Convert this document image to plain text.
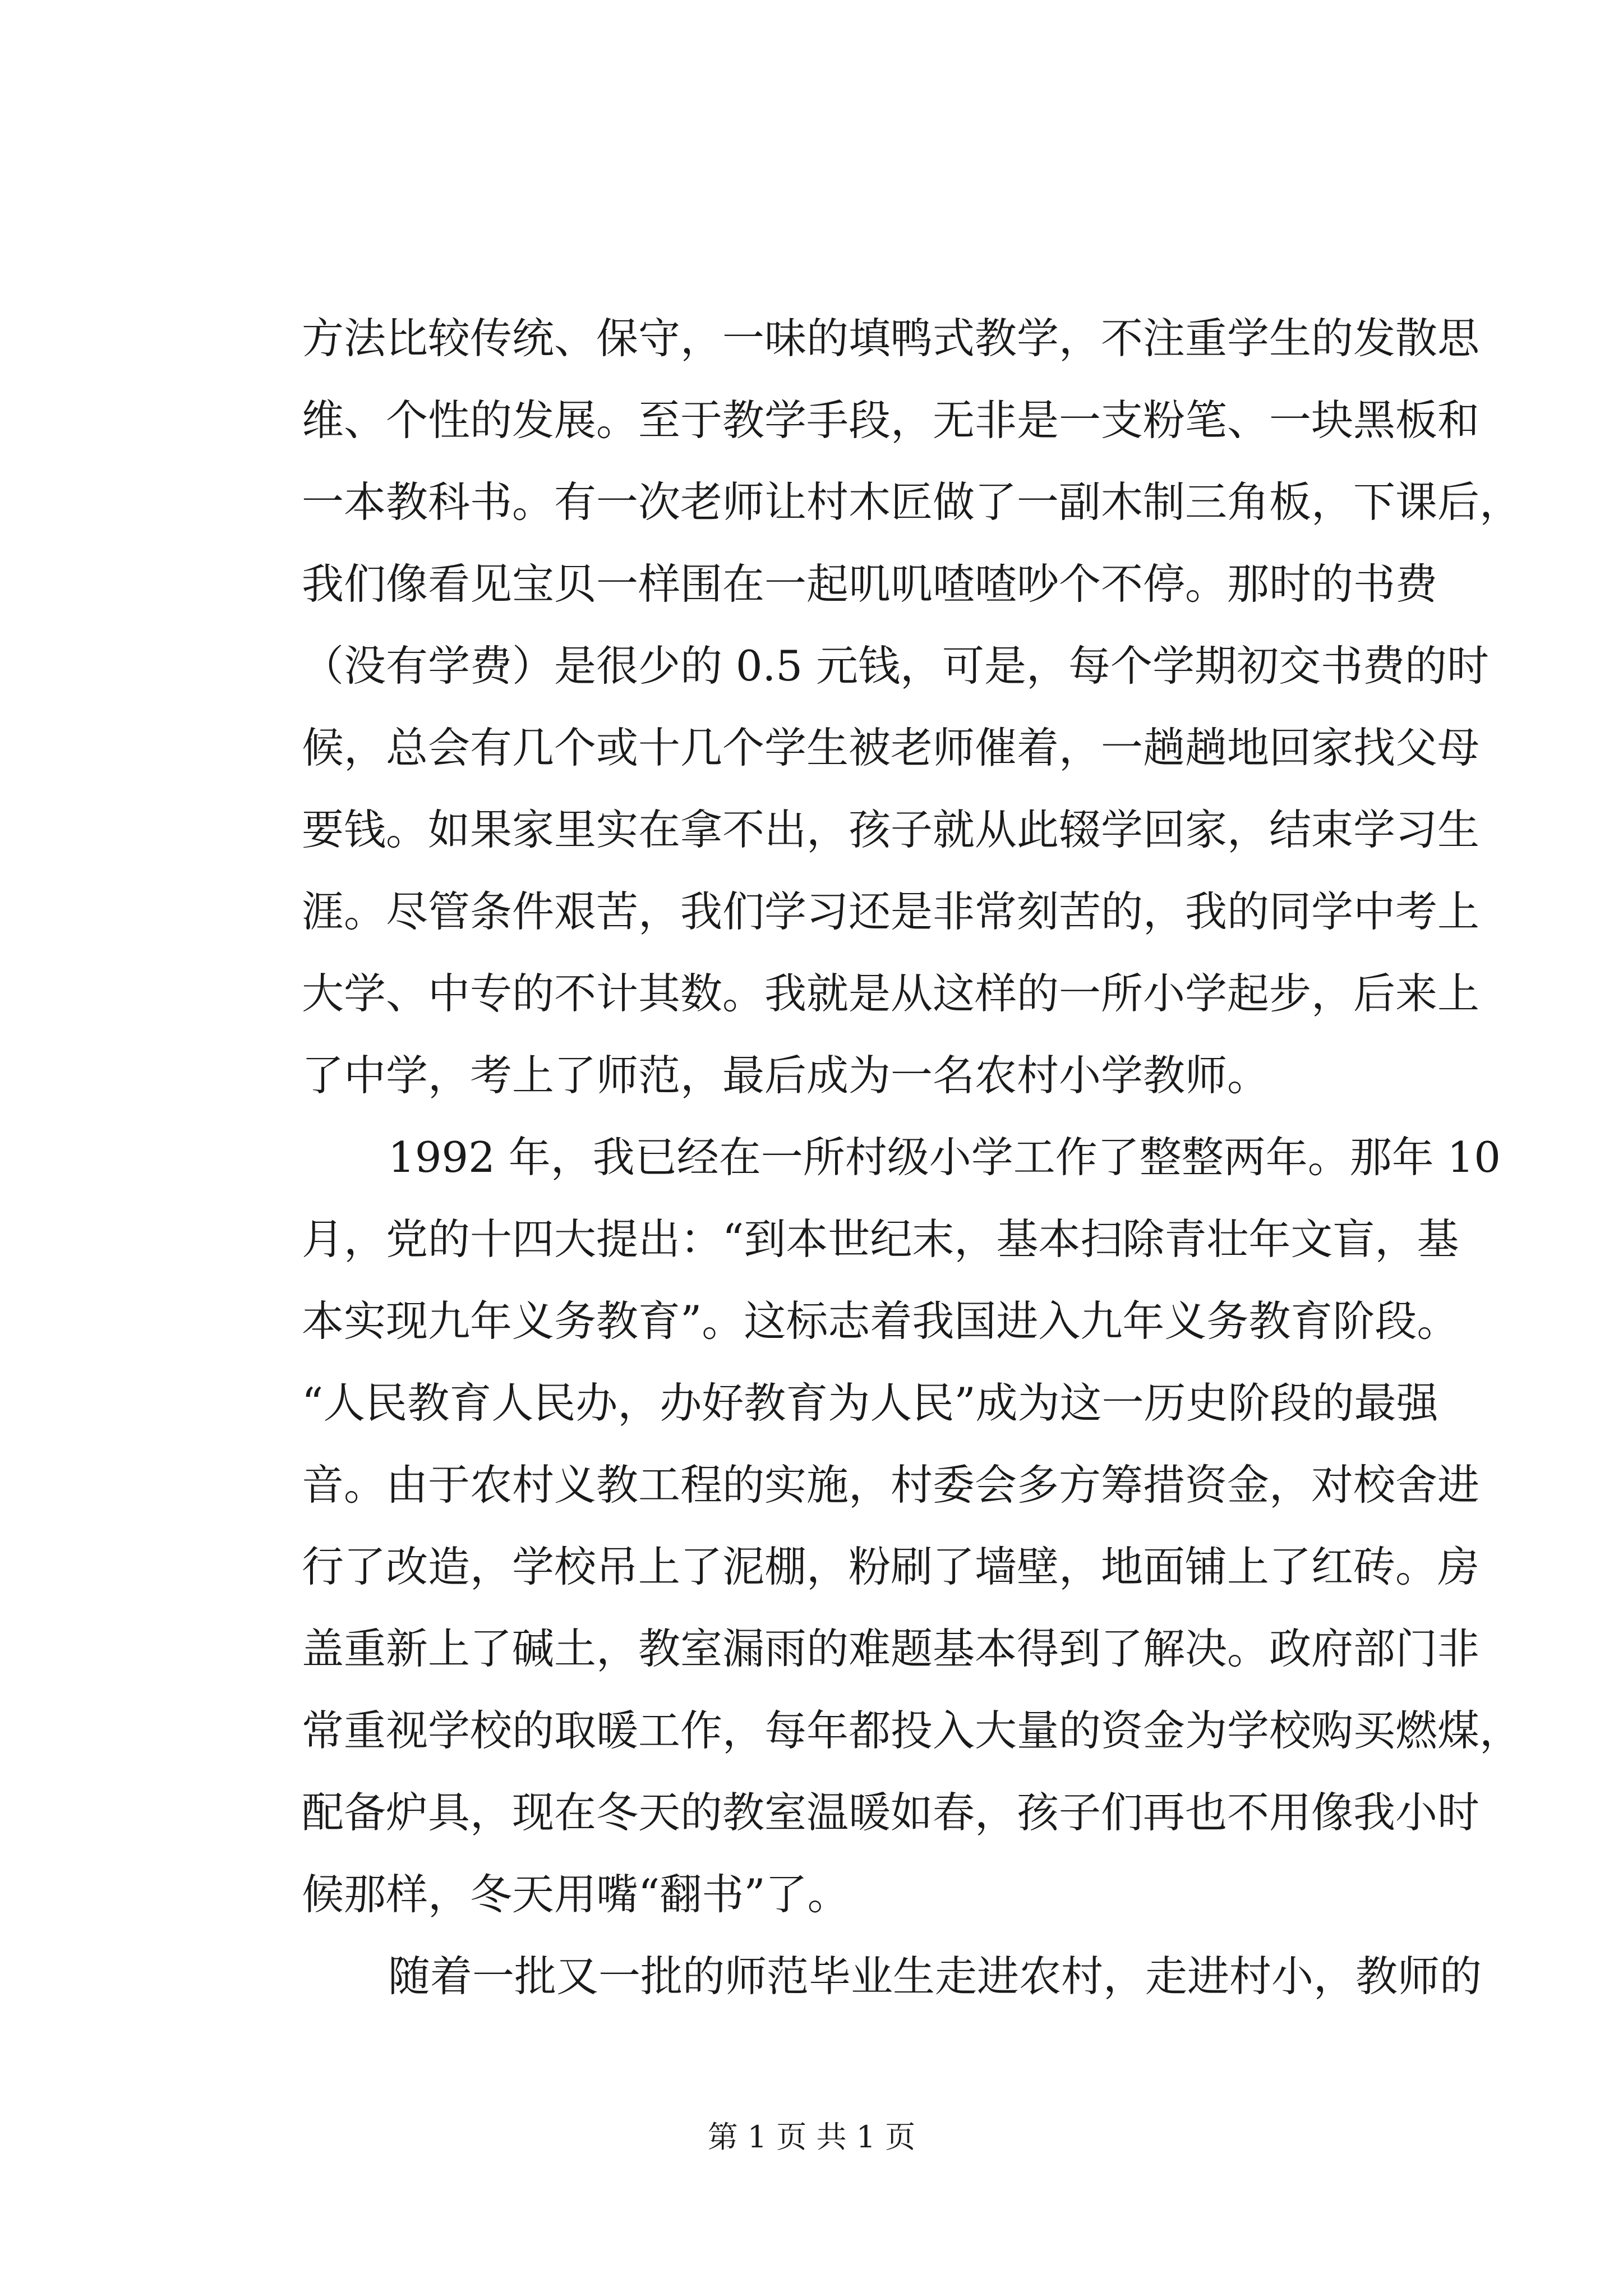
方法比较传统、保守，一味的填鸭式教学，不注重学生的发散思
维、个性的发展。至于教学手段，无非是一支粉笔、一块黑板和
一本教科书。有一次老师让村木匠做了一副木制三角板，下课后，
我们像看见宝贝一样围在一起叽叽喳喳吵个不停。那时的书费
（没有学费）是很少的 0.5 元钱，可是，每个学期初交书费的时
候，总会有几个或十几个学生被老师催着，一趟趟地回家找父母
要钱。如果家里实在拿不出，孩子就从此辍学回家，结束学习生
涯。尽管条件艰苦，我们学习还是非常刻苦的，我的同学中考上
大学、中专的不计其数。我就是从这样的一所小学起步，后来上
了中学，考上了师范，最后成为一名农村小学教师。
1992 年，我已经在一所村级小学工作了整整两年。那年 10
月，党的十四大提出：“到本世纪末，基本扫除青壮年文盲，基
本实现九年义务教育”。这标志着我国进入九年义务教育阶段。
“人民教育人民办，办好教育为人民”成为这一历史阶段的最强
音。由于农村义教工程的实施，村委会多方筹措资金，对校舍进
行了改造，学校吊上了泥棚，粉刷了墙壁，地面铺上了红砖。房
盖重新上了碱土，教室漏雨的难题基本得到了解决。政府部门非
常重视学校的取暖工作，每年都投入大量的资金为学校购买燃煤，
配备炉具，现在冬天的教室温暖如春，孩子们再也不用像我小时
候那样，冬天用嘴“翻书”了。
随着一批又一批的师范毕业生走进农村，走进村小，教师的
第 1 页 共 1 页
